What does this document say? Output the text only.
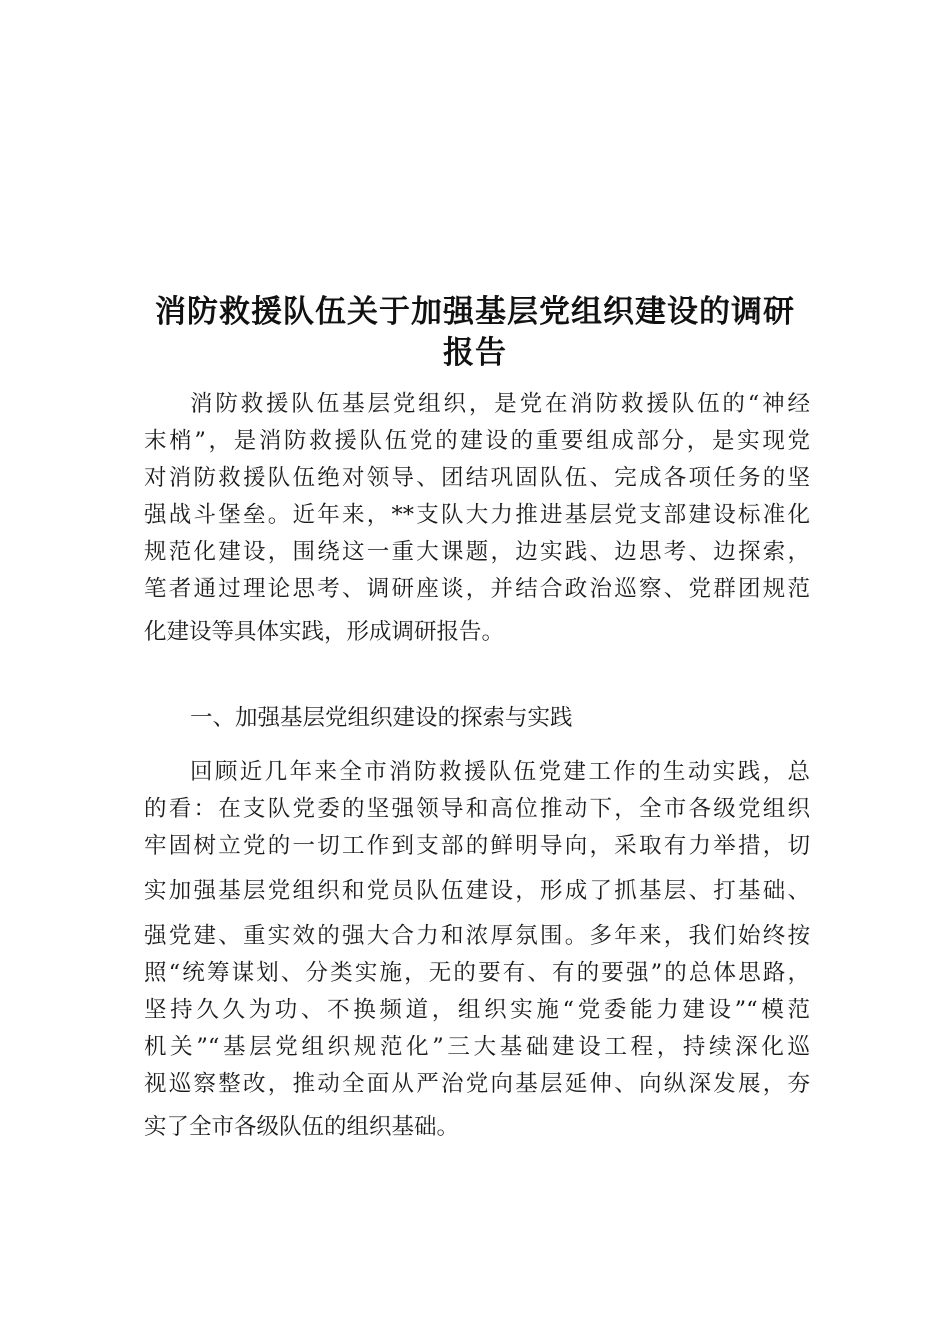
消防救援队伍关于加强基层党组织建设的调研
报告
消防救援队伍基层党组织，是党在消防救援队伍的“神经
末梢”，是消防救援队伍党的建设的重要组成部分，是实现党
对消防救援队伍绝对领导、团结巩固队伍、完成各项任务的坚
强战斗堡垒。近年来，**支队大力推进基层党支部建设标准化
规范化建设，围绕这一重大课题，边实践、边思考、边探索，
笔者通过理论思考、调研座谈，并结合政治巡察、党群团规范
化建设等具体实践，形成调研报告。
一、加强基层党组织建设的探索与实践
回顾近几年来全市消防救援队伍党建工作的生动实践，总
的看：在支队党委的坚强领导和高位推动下，全市各级党组织
牢固树立党的一切工作到支部的鲜明导向，采取有力举措，切
实加强基层党组织和党员队伍建设，形成了抓基层、打基础、
强党建、重实效的强大合力和浓厚氛围。多年来，我们始终按
照“统筹谋划、分类实施，无的要有、有的要强”的总体思路，
坚持久久为功、不换频道，组织实施“党委能力建设”“模范
机关”“基层党组织规范化”三大基础建设工程，持续深化巡
视巡察整改，推动全面从严治党向基层延伸、向纵深发展，夯
实了全市各级队伍的组织基础。
